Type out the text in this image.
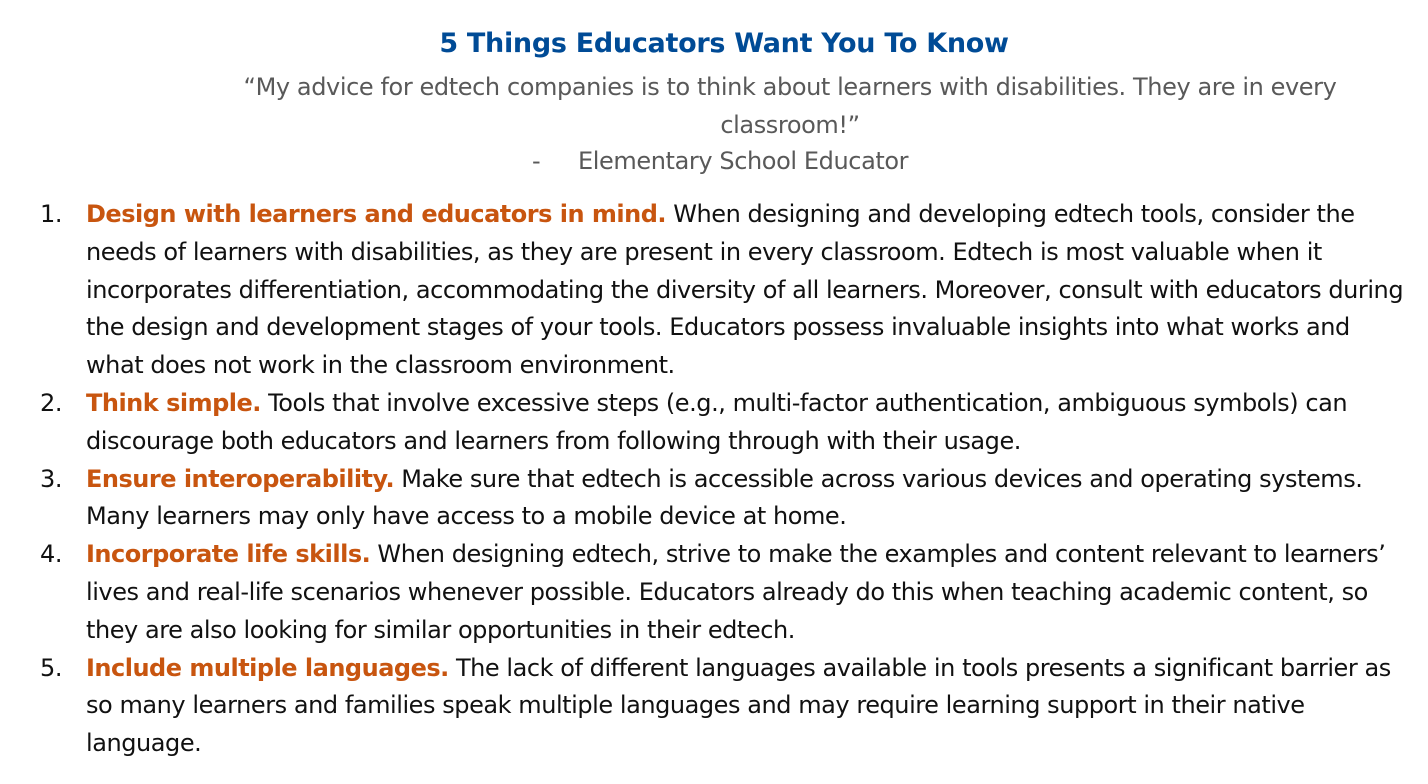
5 Things Educators Want You To Know
“My advice for edtech companies is to think about learners with disabilities. They are in every classroom!”
- Elementary School Educator
1. Design with learners and educators in mind. When designing and developing edtech tools, consider the needs of learners with disabilities, as they are present in every classroom. Edtech is most valuable when it incorporates differentiation, accommodating the diversity of all learners. Moreover, consult with educators during the design and development stages of your tools. Educators possess invaluable insights into what works and what does not work in the classroom environment.
2. Think simple. Tools that involve excessive steps (e.g., multi-factor authentication, ambiguous symbols) can discourage both educators and learners from following through with their usage.
3. Ensure interoperability. Make sure that edtech is accessible across various devices and operating systems. Many learners may only have access to a mobile device at home.
4. Incorporate life skills. When designing edtech, strive to make the examples and content relevant to learners’ lives and real-life scenarios whenever possible. Educators already do this when teaching academic content, so they are also looking for similar opportunities in their edtech.
5. Include multiple languages. The lack of different languages available in tools presents a significant barrier as so many learners and families speak multiple languages and may require learning support in their native language.
